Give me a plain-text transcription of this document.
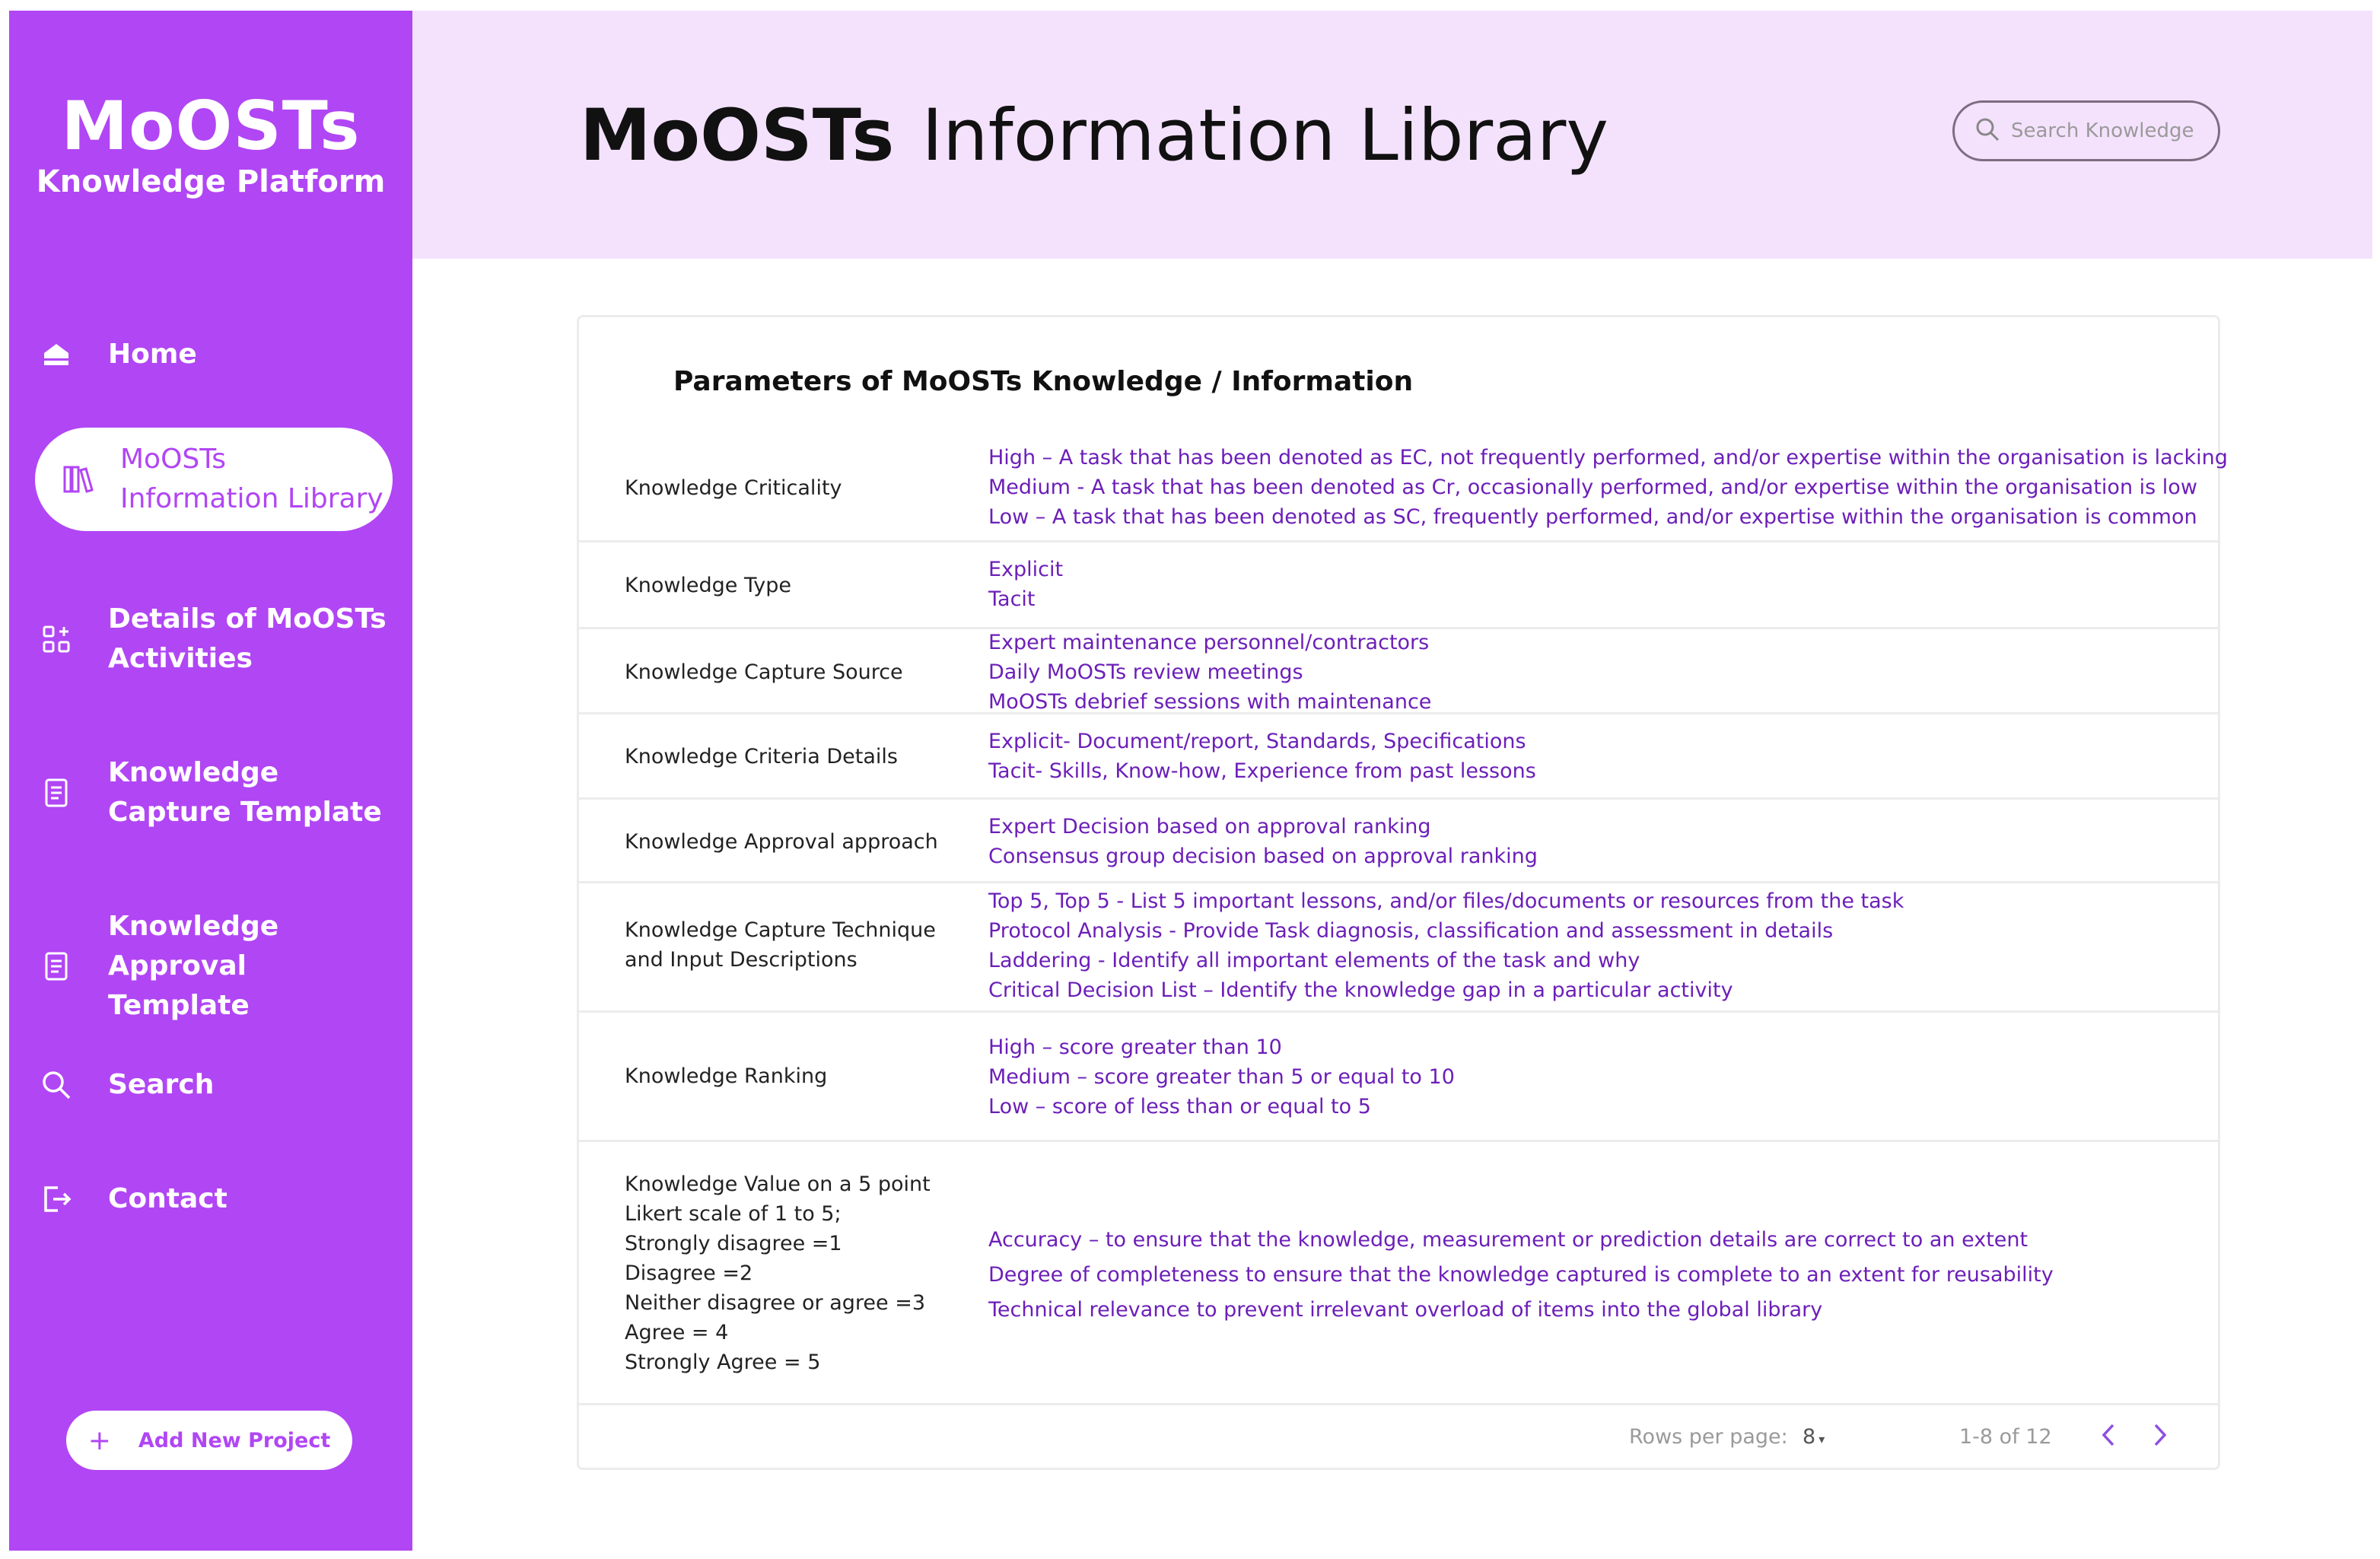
MoOSTs
Knowledge Platform
Home
MoOSTs
Information Library
Details of MoOSTs
Activities
Knowledge
Capture Template
Knowledge
Approval Template
Search
Contact
+ Add New Project
MoOSTs Information Library
Search Knowledge
Parameters of MoOSTs Knowledge / Information
Knowledge Criticality
High – A task that has been denoted as EC, not frequently performed, and/or expertise within the organisation is lacking
Medium - A task that has been denoted as Cr, occasionally performed, and/or expertise within the organisation is low
Low – A task that has been denoted as SC, frequently performed, and/or expertise within the organisation is common
Knowledge Type
Explicit
Tacit
Knowledge Capture Source
Expert maintenance personnel/contractors
Daily MoOSTs review meetings
MoOSTs debrief sessions with maintenance
Knowledge Criteria Details
Explicit- Document/report, Standards, Specifications
Tacit- Skills, Know-how, Experience from past lessons
Knowledge Approval approach
Expert Decision based on approval ranking
Consensus group decision based on approval ranking
Knowledge Capture Technique
and Input Descriptions
Top 5, Top 5 - List 5 important lessons, and/or files/documents or resources from the task
Protocol Analysis - Provide Task diagnosis, classification and assessment in details
Laddering - Identify all important elements of the task and why
Critical Decision List – Identify the knowledge gap in a particular activity
Knowledge Ranking
High – score greater than 10
Medium – score greater than 5 or equal to 10
Low – score of less than or equal to 5
Knowledge Value on a 5 point
Likert scale of 1 to 5;
Strongly disagree =1
Disagree =2
Neither disagree or agree =3
Agree = 4
Strongly Agree = 5
Accuracy – to ensure that the knowledge, measurement or prediction details are correct to an extent
Degree of completeness to ensure that the knowledge captured is complete to an extent for reusability
Technical relevance to prevent irrelevant overload of items into the global library
Rows per page: 8 ▾	1-8 of 12
